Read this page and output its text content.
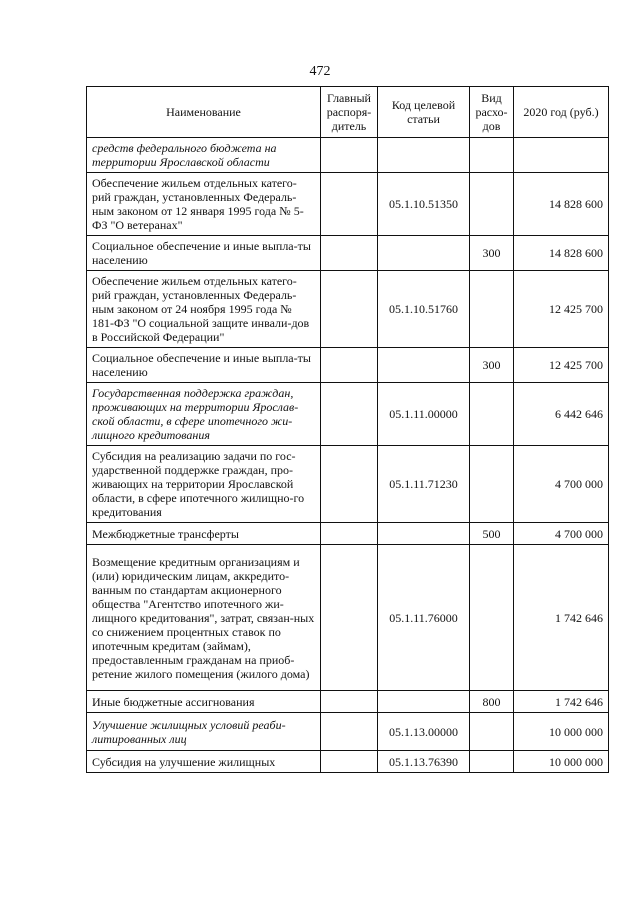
472
Наименование	Главный распоря-дитель	Код целевой статьи	Вид расхо-дов	2020 год (руб.)
средств федерального бюджета на территории Ярославской области				
Обеспечение жильем отдельных катего-рий граждан, установленных Федераль-ным законом от 12 января 1995 года № 5-ФЗ "О ветеранах"		05.1.10.51350		14 828 600
Социальное обеспечение и иные выпла-ты населению			300	14 828 600
Обеспечение жильем отдельных катего-рий граждан, установленных Федераль-ным законом от 24 ноября 1995 года № 181-ФЗ "О социальной защите инвали-дов в Российской Федерации"		05.1.10.51760		12 425 700
Социальное обеспечение и иные выпла-ты населению			300	12 425 700
Государственная поддержка граждан, проживающих на территории Ярослав-ской области, в сфере ипотечного жи-лищного кредитования		05.1.11.00000		6 442 646
Субсидия на реализацию задачи по гос-ударственной поддержке граждан, про-живающих на территории Ярославской области, в сфере ипотечного жилищно-го кредитования		05.1.11.71230		4 700 000
Межбюджетные трансферты			500	4 700 000
Возмещение кредитным организациям и (или) юридическим лицам, аккредито-ванным по стандартам акционерного общества "Агентство ипотечного жи-лищного кредитования", затрат, связан-ных со снижением процентных ставок по ипотечным кредитам (займам), предоставленным гражданам на приоб-ретение жилого помещения (жилого дома)		05.1.11.76000		1 742 646
Иные бюджетные ассигнования			800	1 742 646
Улучшение жилищных условий реаби-литированных лиц		05.1.13.00000		10 000 000
Субсидия на улучшение жилищных		05.1.13.76390		10 000 000
